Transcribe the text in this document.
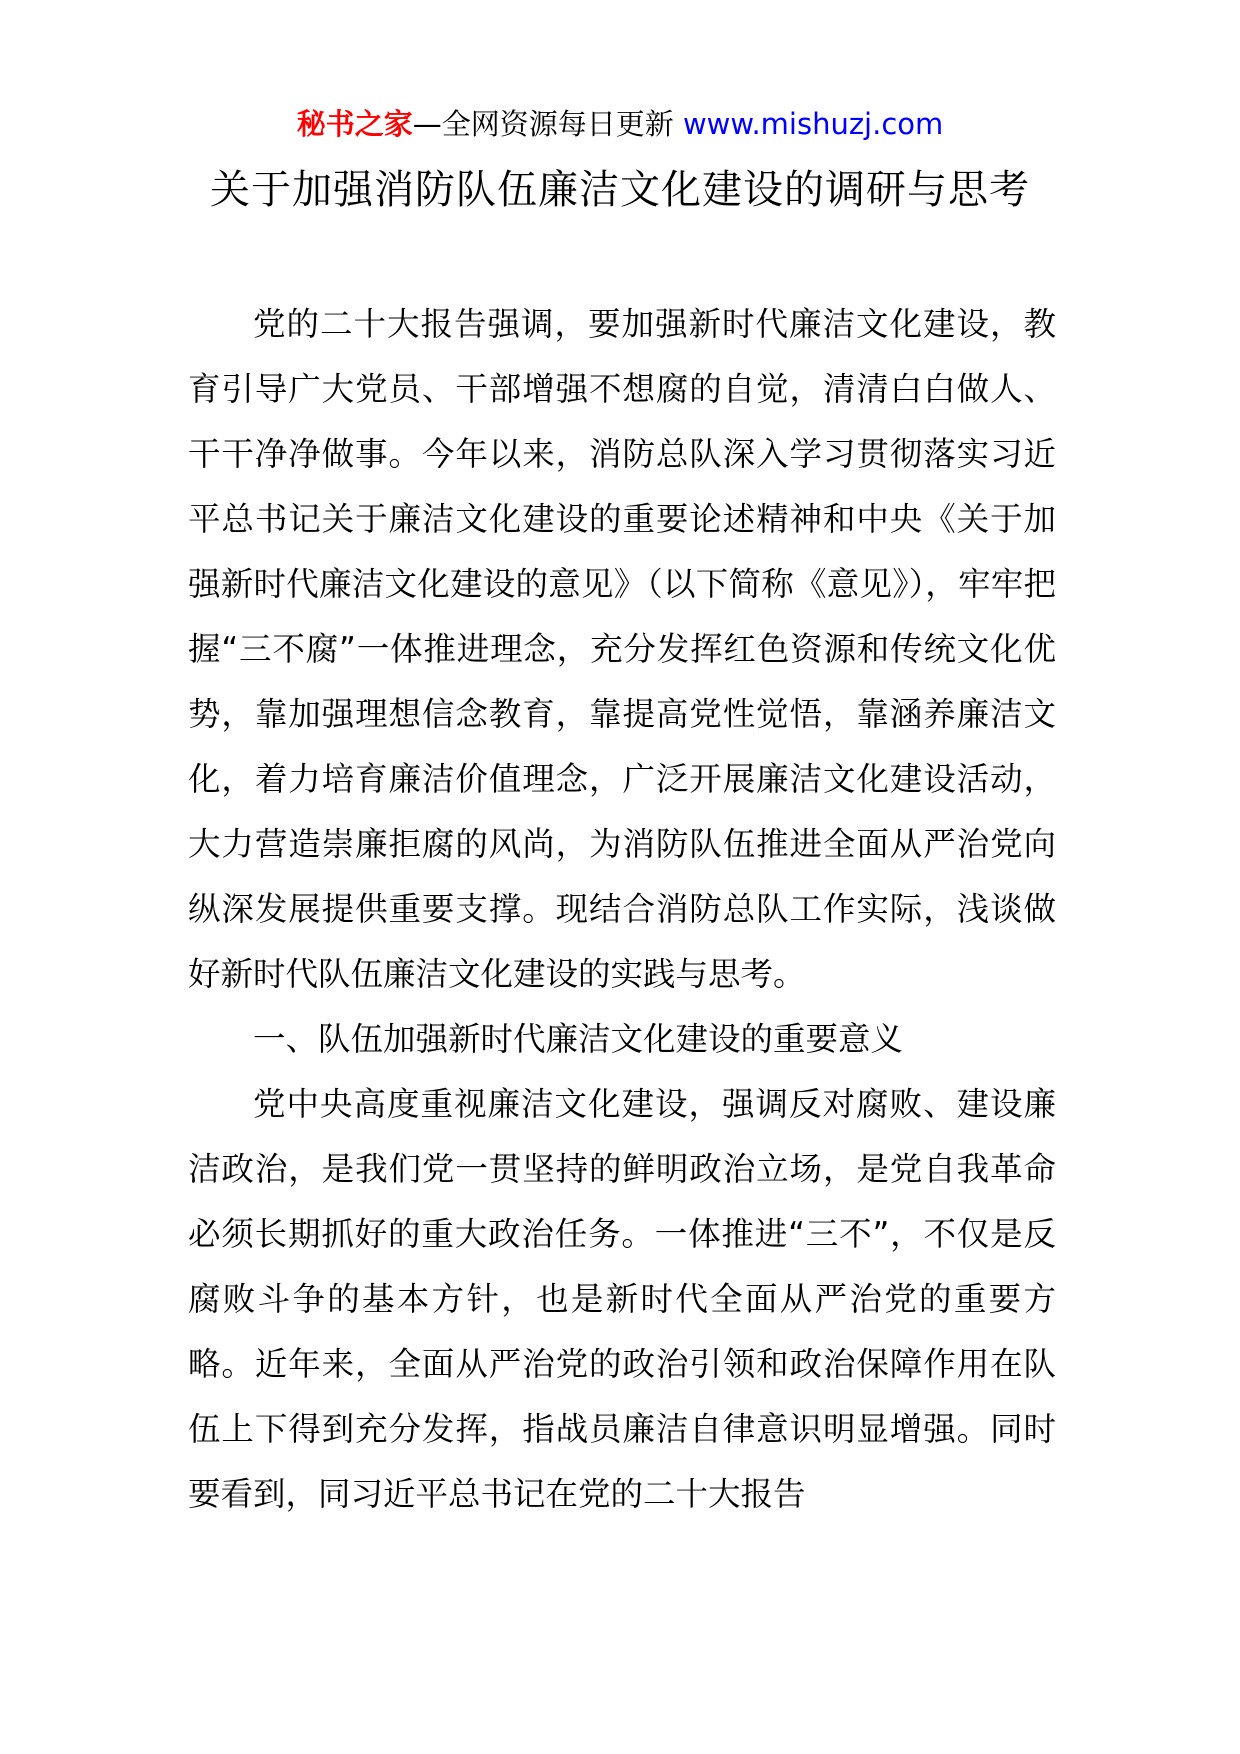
秘书之家—全网资源每日更新 www.mishuzj.com
关于加强消防队伍廉洁文化建设的调研与思考

党的二十大报告强调，要加强新时代廉洁文化建设，教育引导广大党员、干部增强不想腐的自觉，清清白白做人、干干净净做事。今年以来，消防总队深入学习贯彻落实习近平总书记关于廉洁文化建设的重要论述精神和中央《关于加强新时代廉洁文化建设的意见》（以下简称《意见》），牢牢把握“三不腐”一体推进理念，充分发挥红色资源和传统文化优势，靠加强理想信念教育，靠提高党性觉悟，靠涵养廉洁文化，着力培育廉洁价值理念，广泛开展廉洁文化建设活动，大力营造崇廉拒腐的风尚，为消防队伍推进全面从严治党向纵深发展提供重要支撑。现结合消防总队工作实际，浅谈做好新时代队伍廉洁文化建设的实践与思考。

一、队伍加强新时代廉洁文化建设的重要意义

党中央高度重视廉洁文化建设，强调反对腐败、建设廉洁政治，是我们党一贯坚持的鲜明政治立场，是党自我革命必须长期抓好的重大政治任务。一体推进“三不”，不仅是反腐败斗争的基本方针，也是新时代全面从严治党的重要方略。近年来，全面从严治党的政治引领和政治保障作用在队伍上下得到充分发挥，指战员廉洁自律意识明显增强。同时要看到，同习近平总书记在党的二十大报告
